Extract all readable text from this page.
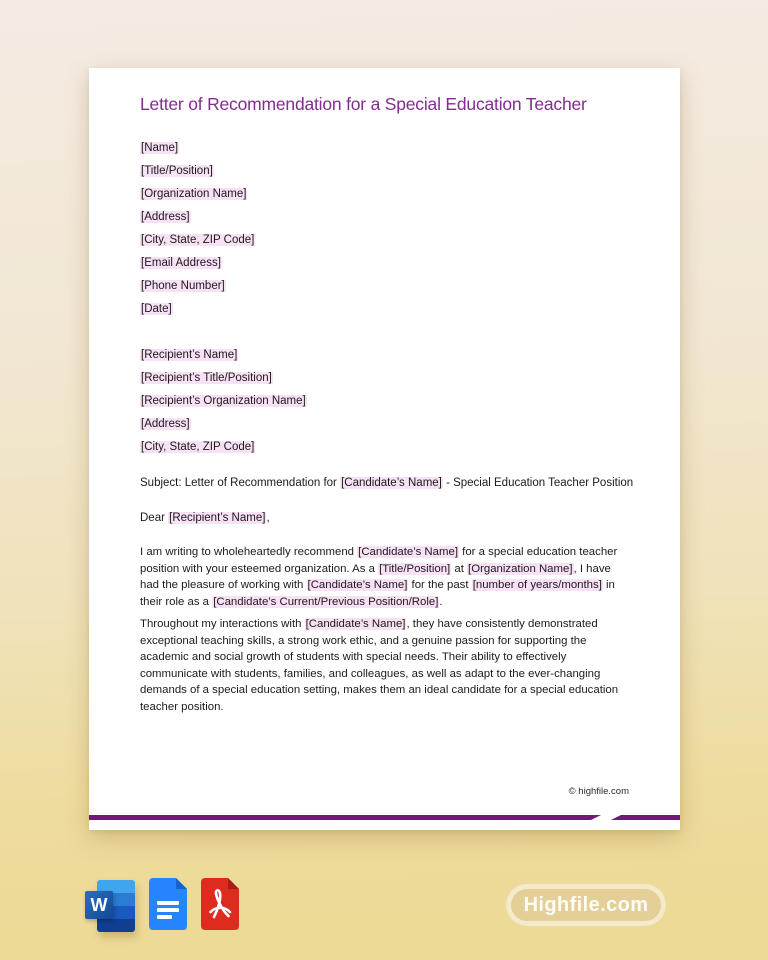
Letter of Recommendation for a Special Education Teacher
[Name]
[Title/Position]
[Organization Name]
[Address]
[City, State, ZIP Code]
[Email Address]
[Phone Number]
[Date]
[Recipient’s Name]
[Recipient’s Title/Position]
[Recipient’s Organization Name]
[Address]
[City, State, ZIP Code]
Subject: Letter of Recommendation for [Candidate’s Name] - Special Education Teacher Position
Dear [Recipient’s Name],
I am writing to wholeheartedly recommend [Candidate’s Name] for a special education teacher position with your esteemed organization. As a [Title/Position] at [Organization Name], I have had the pleasure of working with [Candidate’s Name] for the past [number of years/months] in their role as a [Candidate’s Current/Previous Position/Role].
Throughout my interactions with [Candidate’s Name], they have consistently demonstrated exceptional teaching skills, a strong work ethic, and a genuine passion for supporting the academic and social growth of students with special needs. Their ability to effectively communicate with students, families, and colleagues, as well as adapt to the ever-changing demands of a special education setting, makes them an ideal candidate for a special education teacher position.
© highfile.com
W	Highfile.com
